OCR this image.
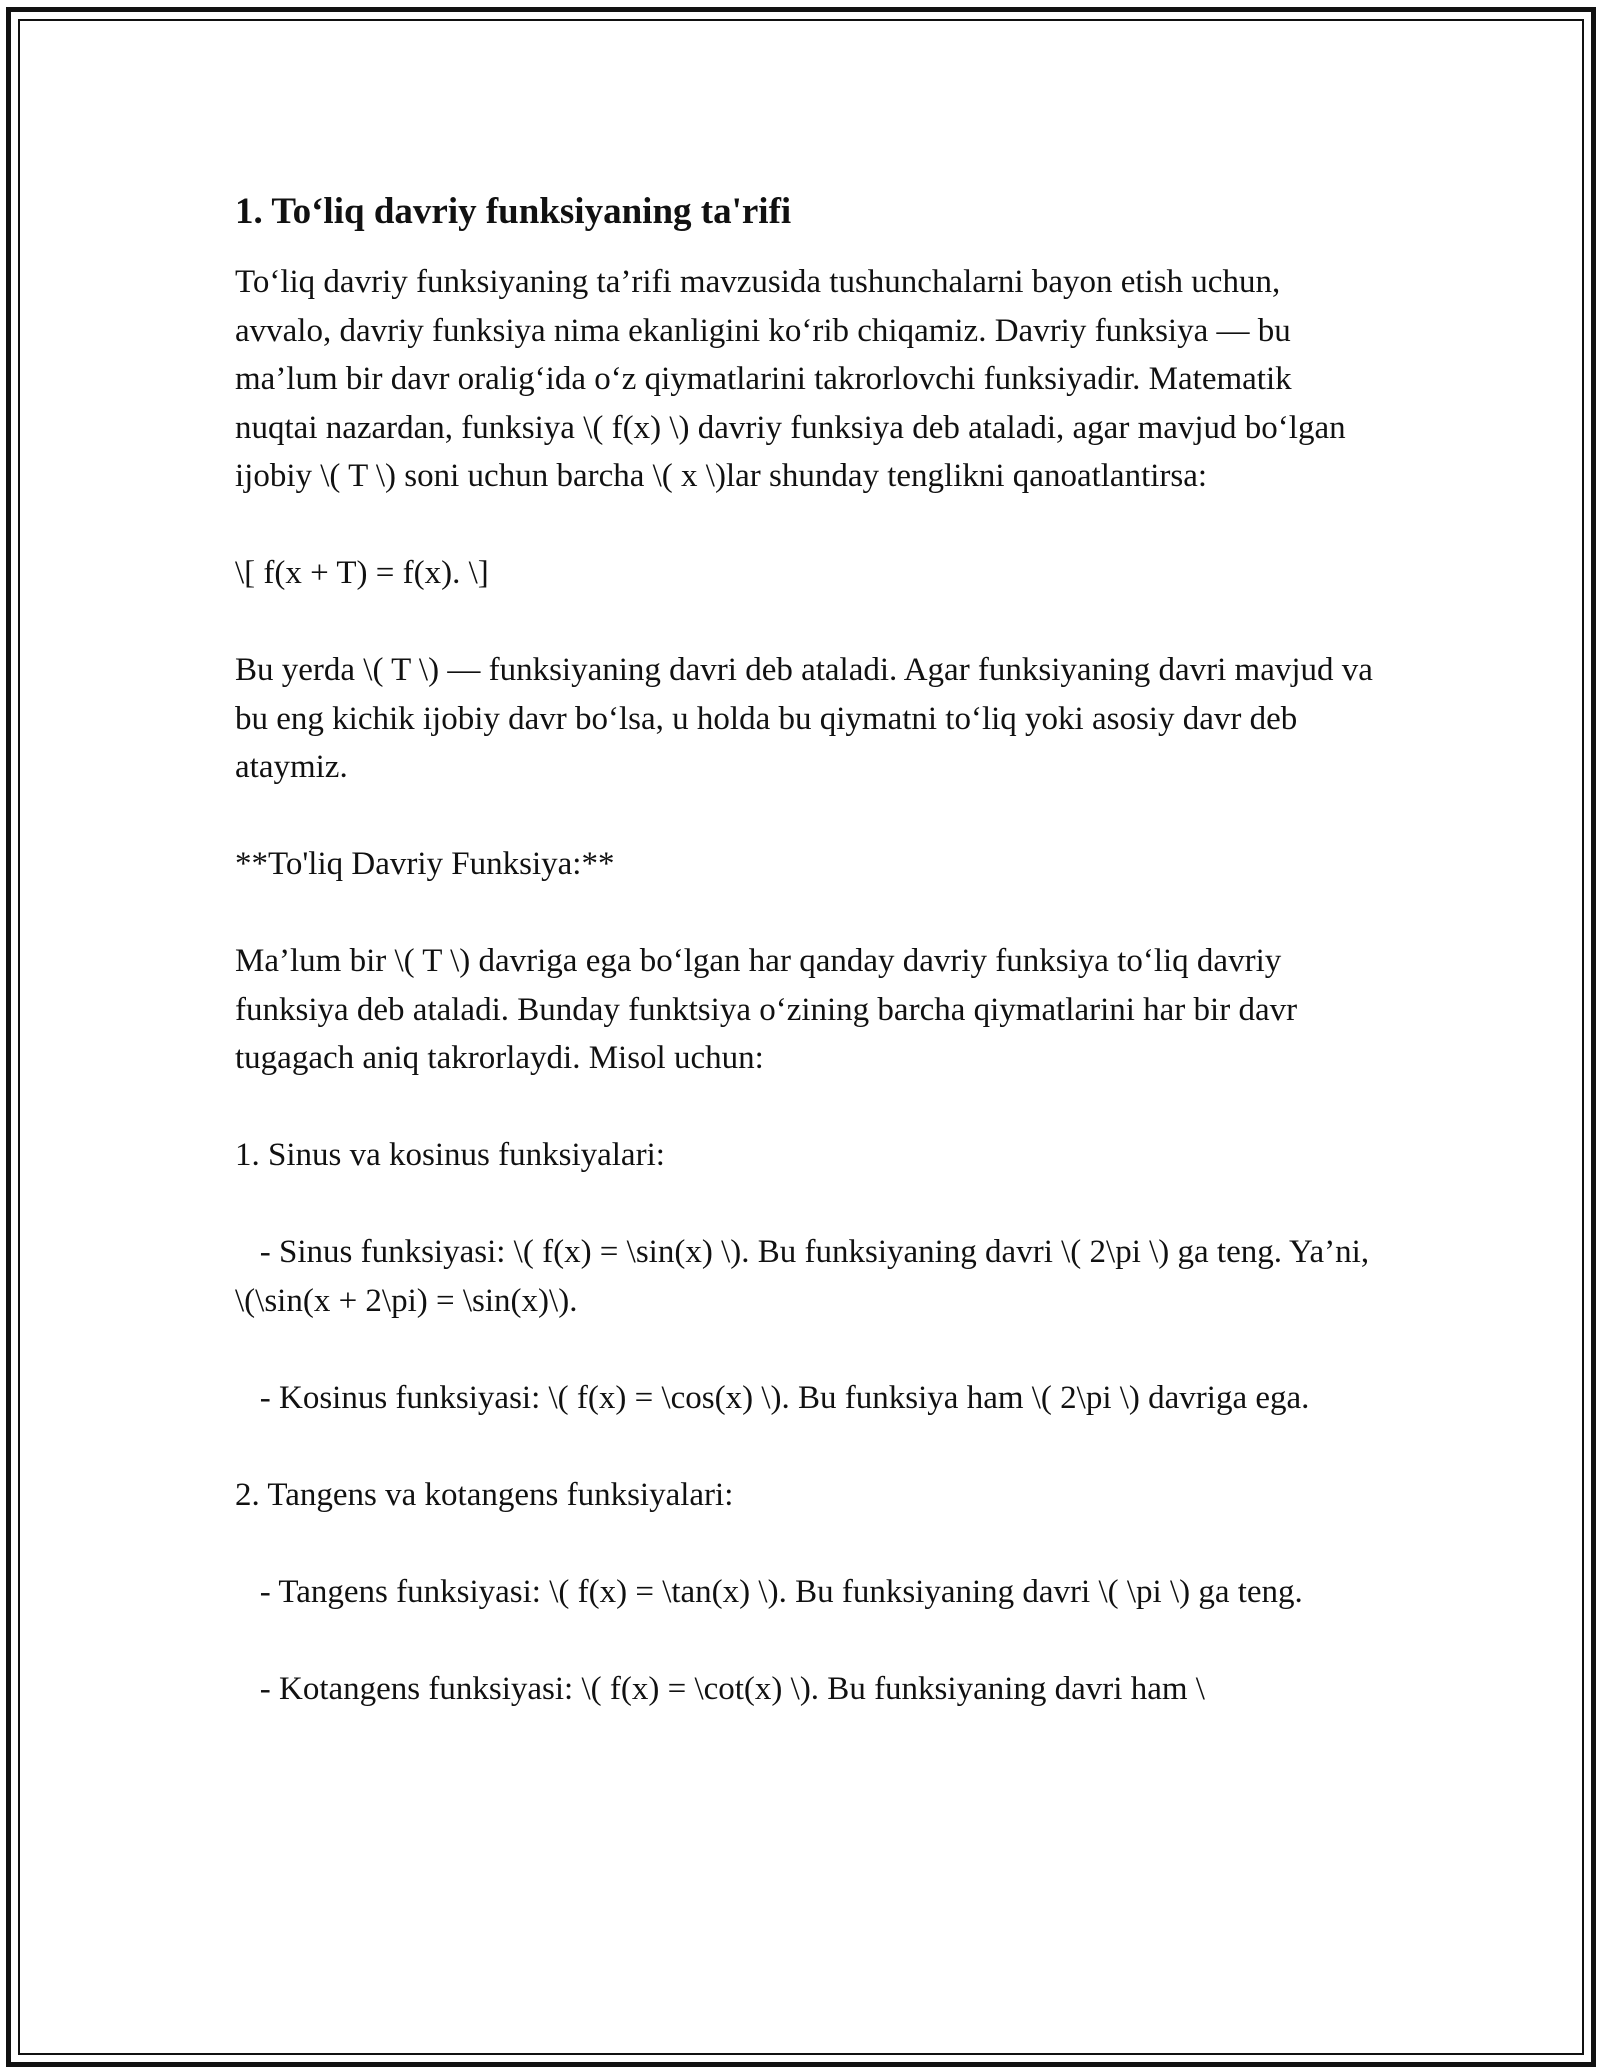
1. To‘liq davriy funksiyaning ta'rifi

To‘liq davriy funksiyaning ta’rifi mavzusida tushunchalarni bayon etish uchun, avvalo, davriy funksiya nima ekanligini ko‘rib chiqamiz. Davriy funksiya — bu ma’lum bir davr oralig‘ida o‘z qiymatlarini takrorlovchi funksiyadir. Matematik nuqtai nazardan, funksiya \( f(x) \) davriy funksiya deb ataladi, agar mavjud bo‘lgan ijobiy \( T \) soni uchun barcha \( x \)lar shunday tenglikni qanoatlantirsa:

\[ f(x + T) = f(x). \]

Bu yerda \( T \) — funksiyaning davri deb ataladi. Agar funksiyaning davri mavjud va bu eng kichik ijobiy davr bo‘lsa, u holda bu qiymatni to‘liq yoki asosiy davr deb ataymiz.

**To'liq Davriy Funksiya:**

Ma’lum bir \( T \) davriga ega bo‘lgan har qanday davriy funksiya to‘liq davriy funksiya deb ataladi. Bunday funktsiya o‘zining barcha qiymatlarini har bir davr tugagach aniq takrorlaydi. Misol uchun:

1. Sinus va kosinus funksiyalari:

- Sinus funksiyasi: \( f(x) = \sin(x) \). Bu funksiyaning davri \( 2\pi \) ga teng. Ya’ni, \(\sin(x + 2\pi) = \sin(x)\).

- Kosinus funksiyasi: \( f(x) = \cos(x) \). Bu funksiya ham \( 2\pi \) davriga ega.

2. Tangens va kotangens funksiyalari:

- Tangens funksiyasi: \( f(x) = \tan(x) \). Bu funksiyaning davri \( \pi \) ga teng.

- Kotangens funksiyasi: \( f(x) = \cot(x) \). Bu funksiyaning davri ham \
